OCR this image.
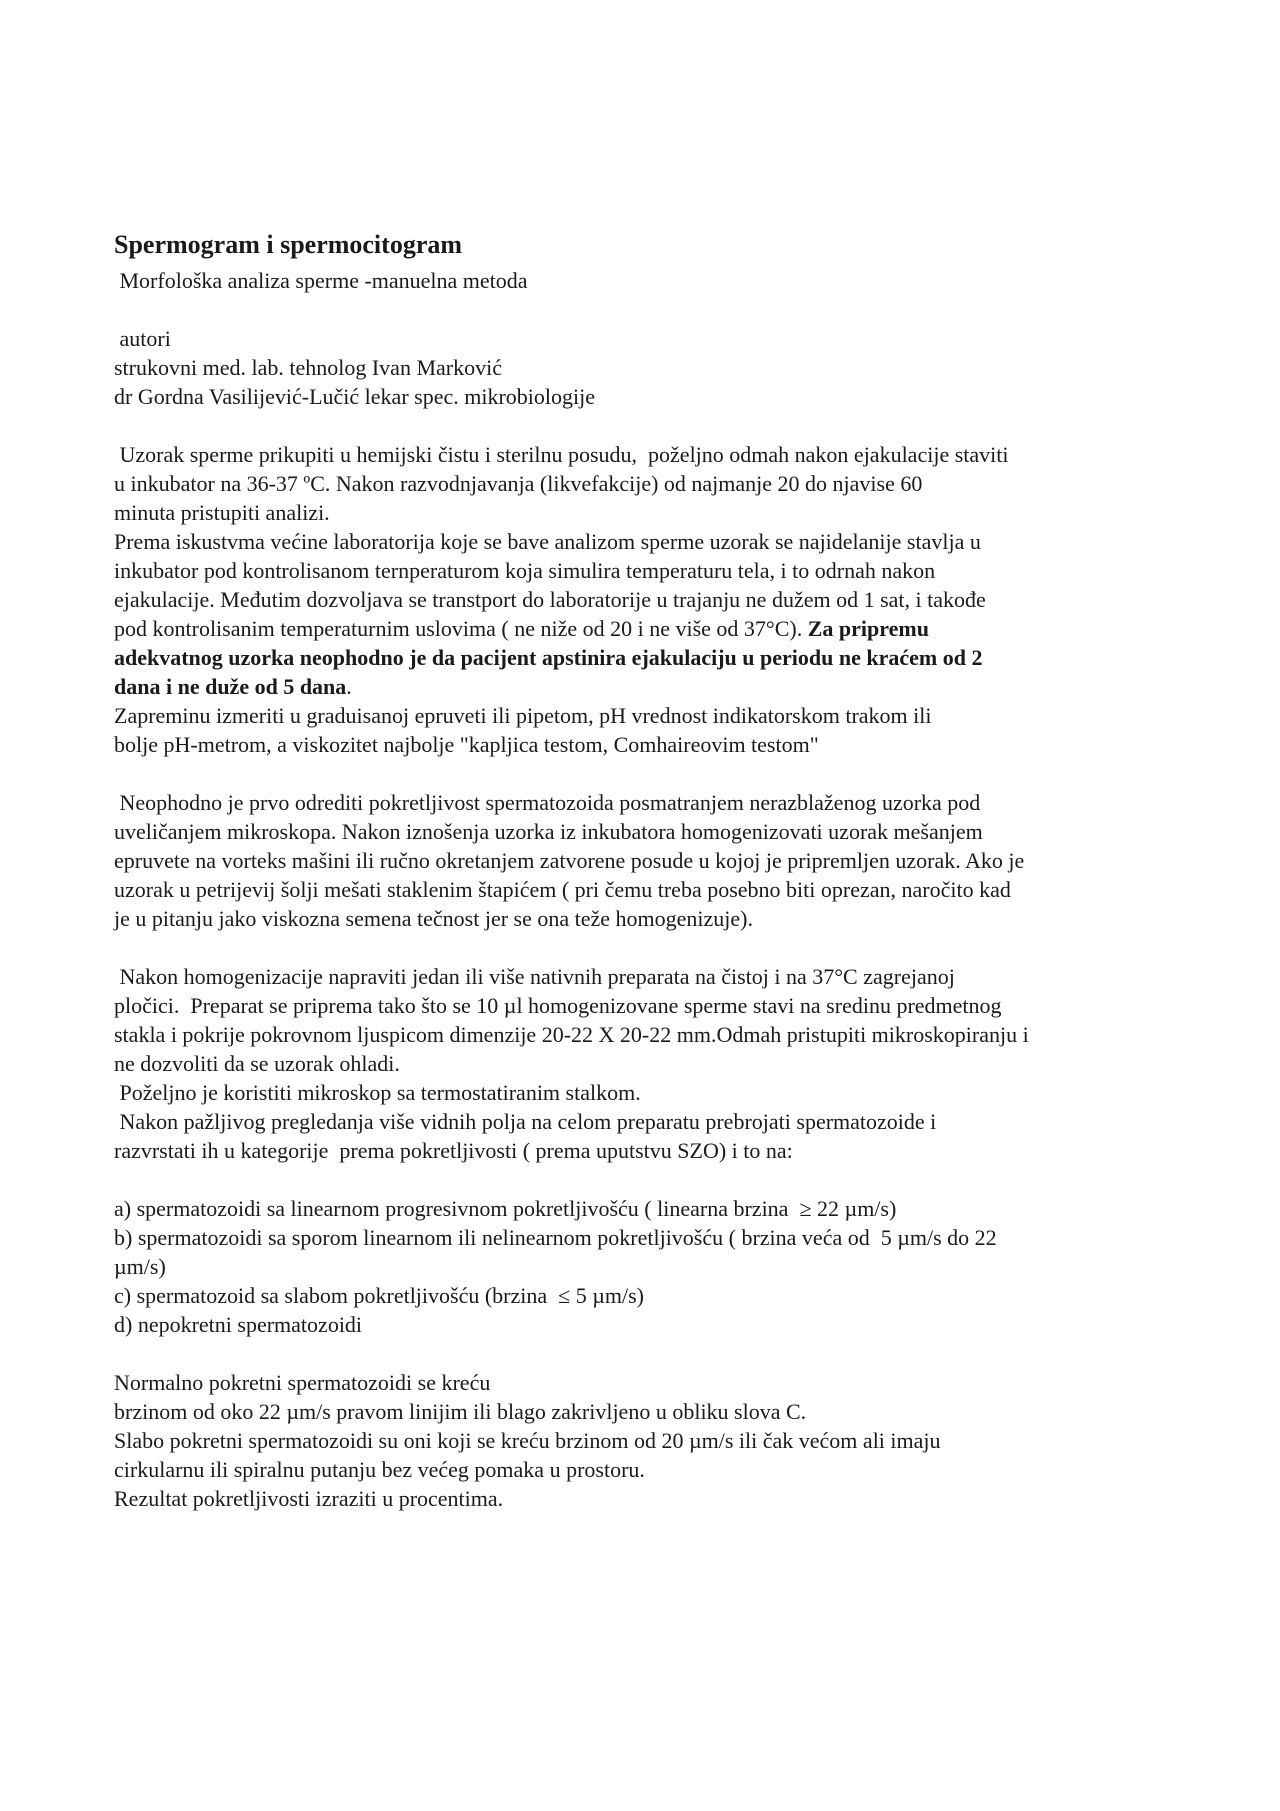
Spermogram i spermocitogram
Morfološka analiza sperme -manuelna metoda
autori
strukovni med. lab. tehnolog Ivan Marković
dr Gordna Vasilijević-Lučić lekar spec. mikrobiologije
Uzorak sperme prikupiti u hemijski čistu i sterilnu posudu,  poželjno odmah nakon ejakulacije staviti
u inkubator na 36-37 ºC. Nakon razvodnjavanja (likvefakcije) od najmanje 20 do njavise 60
minuta pristupiti analizi.
Prema iskustvma većine laboratorija koje se bave analizom sperme uzorak se najidelanije stavlja u
inkubator pod kontrolisanom ternperaturom koja simulira temperaturu tela, i to odrnah nakon
ejakulacije. Međutim dozvoljava se transtport do laboratorije u trajanju ne dužem od 1 sat, i takođe
pod kontrolisanim temperaturnim uslovima ( ne niže od 20 i ne više od 37°C). Za pripremu
adekvatnog uzorka neophodno je da pacijent apstinira ejakulaciju u periodu ne kraćem od 2
dana i ne duže od 5 dana.
Zapreminu izmeriti u graduisanoj epruveti ili pipetom, pH vrednost indikatorskom trakom ili
bolje pH-metrom, a viskozitet najbolje "kapljica testom, Comhaireovim testom"
Neophodno je prvo odrediti pokretljivost spermatozoida posmatranjem nerazblaženog uzorka pod
uveličanjem mikroskopa. Nakon iznošenja uzorka iz inkubatora homogenizovati uzorak mešanjem
epruvete na vorteks mašini ili ručno okretanjem zatvorene posude u kojoj je pripremljen uzorak. Ako je
uzorak u petrijevij šolji mešati staklenim štapićem ( pri čemu treba posebno biti oprezan, naročito kad
je u pitanju jako viskozna semena tečnost jer se ona teže homogenizuje).
Nakon homogenizacije napraviti jedan ili više nativnih preparata na čistoj i na 37°C zagrejanoj
pločici.  Preparat se priprema tako što se 10 µl homogenizovane sperme stavi na sredinu predmetnog
stakla i pokrije pokrovnom ljuspicom dimenzije 20-22 X 20-22 mm.Odmah pristupiti mikroskopiranju i
ne dozvoliti da se uzorak ohladi.
Poželjno je koristiti mikroskop sa termostatiranim stalkom.
Nakon pažljivog pregledanja više vidnih polja na celom preparatu prebrojati spermatozoide i
razvrstati ih u kategorije  prema pokretljivosti ( prema uputstvu SZO) i to na:
a) spermatozoidi sa linearnom progresivnom pokretljivošću ( linearna brzina  ≥ 22 µm/s)
b) spermatozoidi sa sporom linearnom ili nelinearnom pokretljivošću ( brzina veća od  5 µm/s do 22
µm/s)
c) spermatozoid sa slabom pokretljivošću (brzina  ≤ 5 µm/s)
d) nepokretni spermatozoidi
Normalno pokretni spermatozoidi se kreću
brzinom od oko 22 µm/s pravom linijim ili blago zakrivljeno u obliku slova C.
Slabo pokretni spermatozoidi su oni koji se kreću brzinom od 20 µm/s ili čak većom ali imaju
cirkularnu ili spiralnu putanju bez većeg pomaka u prostoru.
Rezultat pokretljivosti izraziti u procentima.
